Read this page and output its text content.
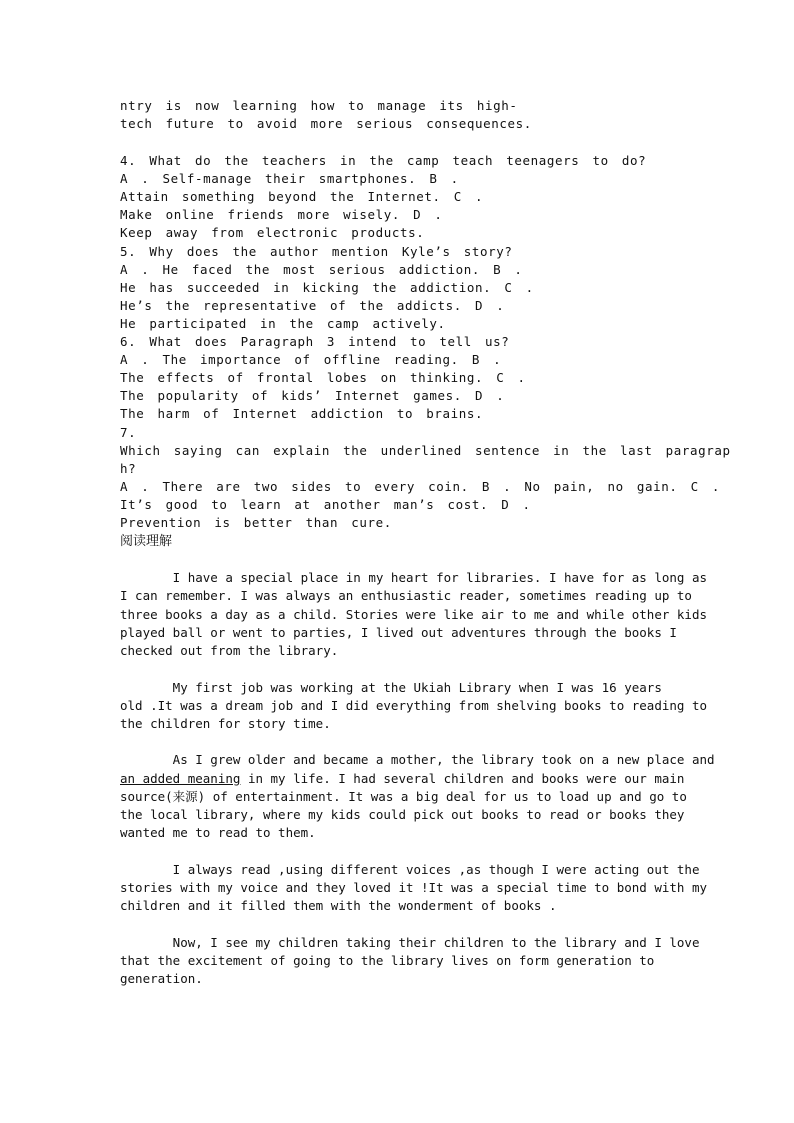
ntry is now learning how to manage its high-
tech future to avoid more serious consequences.
4. What do the teachers in the camp teach teenagers to do?
A . Self-manage their smartphones. B .
Attain something beyond the Internet. C .
Make online friends more wisely. D .
Keep away from electronic products.
5. Why does the author mention Kyle’s story?
A . He faced the most serious addiction. B .
He has succeeded in kicking the addiction. C .
He’s the representative of the addicts. D .
He participated in the camp actively.
6. What does Paragraph 3 intend to tell us?
A . The importance of offline reading. B .
The effects of frontal lobes on thinking. C .
The popularity of kids’ Internet games. D .
The harm of Internet addiction to brains.
7.
Which saying can explain the underlined sentence in the last paragrap
h?
A . There are two sides to every coin. B . No pain, no gain. C .
It’s good to learn at another man’s cost. D .
Prevention is better than cure.
阅读理解
I have a special place in my heart for libraries. I have for as long as
I can remember. I was always an enthusiastic reader, sometimes reading up to
three books a day as a child. Stories were like air to me and while other kids
played ball or went to parties, I lived out adventures through the books I
checked out from the library.
My first job was working at the Ukiah Library when I was 16 years
old .It was a dream job and I did everything from shelving books to reading to
the children for story time.
As I grew older and became a mother, the library took on a new place and
an added meaning in my life. I had several children and books were our main
source(来源) of entertainment. It was a big deal for us to load up and go to
the local library, where my kids could pick out books to read or books they
wanted me to read to them.
I always read ,using different voices ,as though I were acting out the
stories with my voice and they loved it !It was a special time to bond with my
children and it filled them with the wonderment of books .
Now, I see my children taking their children to the library and I love
that the excitement of going to the library lives on form generation to
generation.
